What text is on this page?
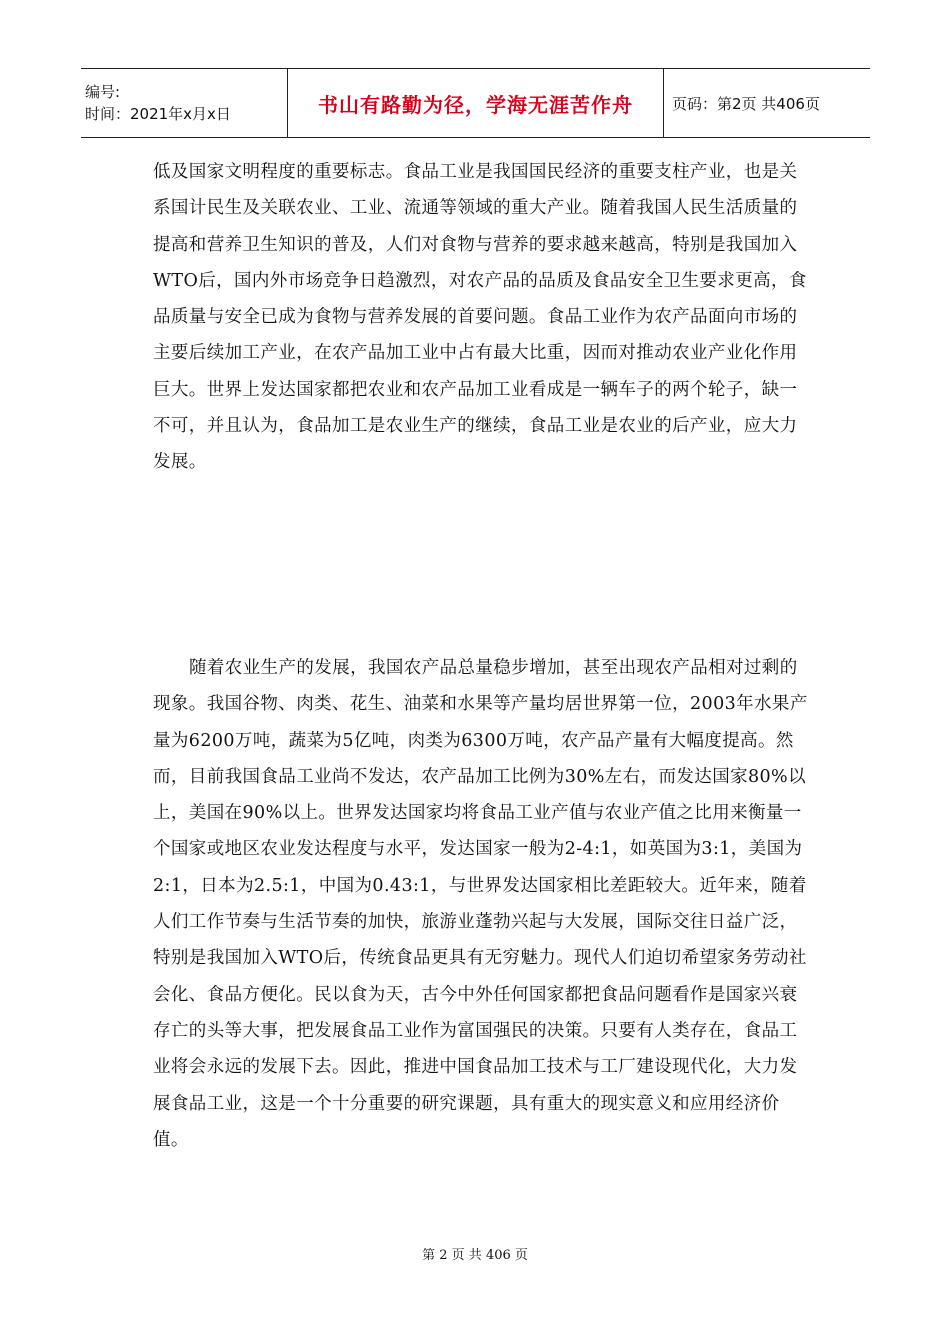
编号:
时间：2021年x月x日	书山有路勤为径，学海无涯苦作舟	页码：第2页 共406页

低及国家文明程度的重要标志。食品工业是我国国民经济的重要支柱产业，也是关系国计民生及关联农业、工业、流通等领域的重大产业。随着我国人民生活质量的提高和营养卫生知识的普及，人们对食物与营养的要求越来越高，特别是我国加入WTO后，国内外市场竞争日趋激烈，对农产品的品质及食品安全卫生要求更高，食品质量与安全已成为食物与营养发展的首要问题。食品工业作为农产品面向市场的主要后续加工产业，在农产品加工业中占有最大比重，因而对推动农业产业化作用巨大。世界上发达国家都把农业和农产品加工业看成是一辆车子的两个轮子，缺一不可，并且认为，食品加工是农业生产的继续，食品工业是农业的后产业，应大力发展。

随着农业生产的发展，我国农产品总量稳步增加，甚至出现农产品相对过剩的现象。我国谷物、肉类、花生、油菜和水果等产量均居世界第一位，2003年水果产量为6200万吨，蔬菜为5亿吨，肉类为6300万吨，农产品产量有大幅度提高。然而，目前我国食品工业尚不发达，农产品加工比例为30%左右，而发达国家80%以上，美国在90%以上。世界发达国家均将食品工业产值与农业产值之比用来衡量一个国家或地区农业发达程度与水平，发达国家一般为2-4:1，如英国为3:1，美国为2:1，日本为2.5:1，中国为0.43:1，与世界发达国家相比差距较大。近年来，随着人们工作节奏与生活节奏的加快，旅游业蓬勃兴起与大发展，国际交往日益广泛，特别是我国加入WTO后，传统食品更具有无穷魅力。现代人们迫切希望家务劳动社会化、食品方便化。民以食为天，古今中外任何国家都把食品问题看作是国家兴衰存亡的头等大事，把发展食品工业作为富国强民的决策。只要有人类存在，食品工业将会永远的发展下去。因此，推进中国食品加工技术与工厂建设现代化，大力发展食品工业，这是一个十分重要的研究课题，具有重大的现实意义和应用经济价值。

第 2 页 共 406 页
